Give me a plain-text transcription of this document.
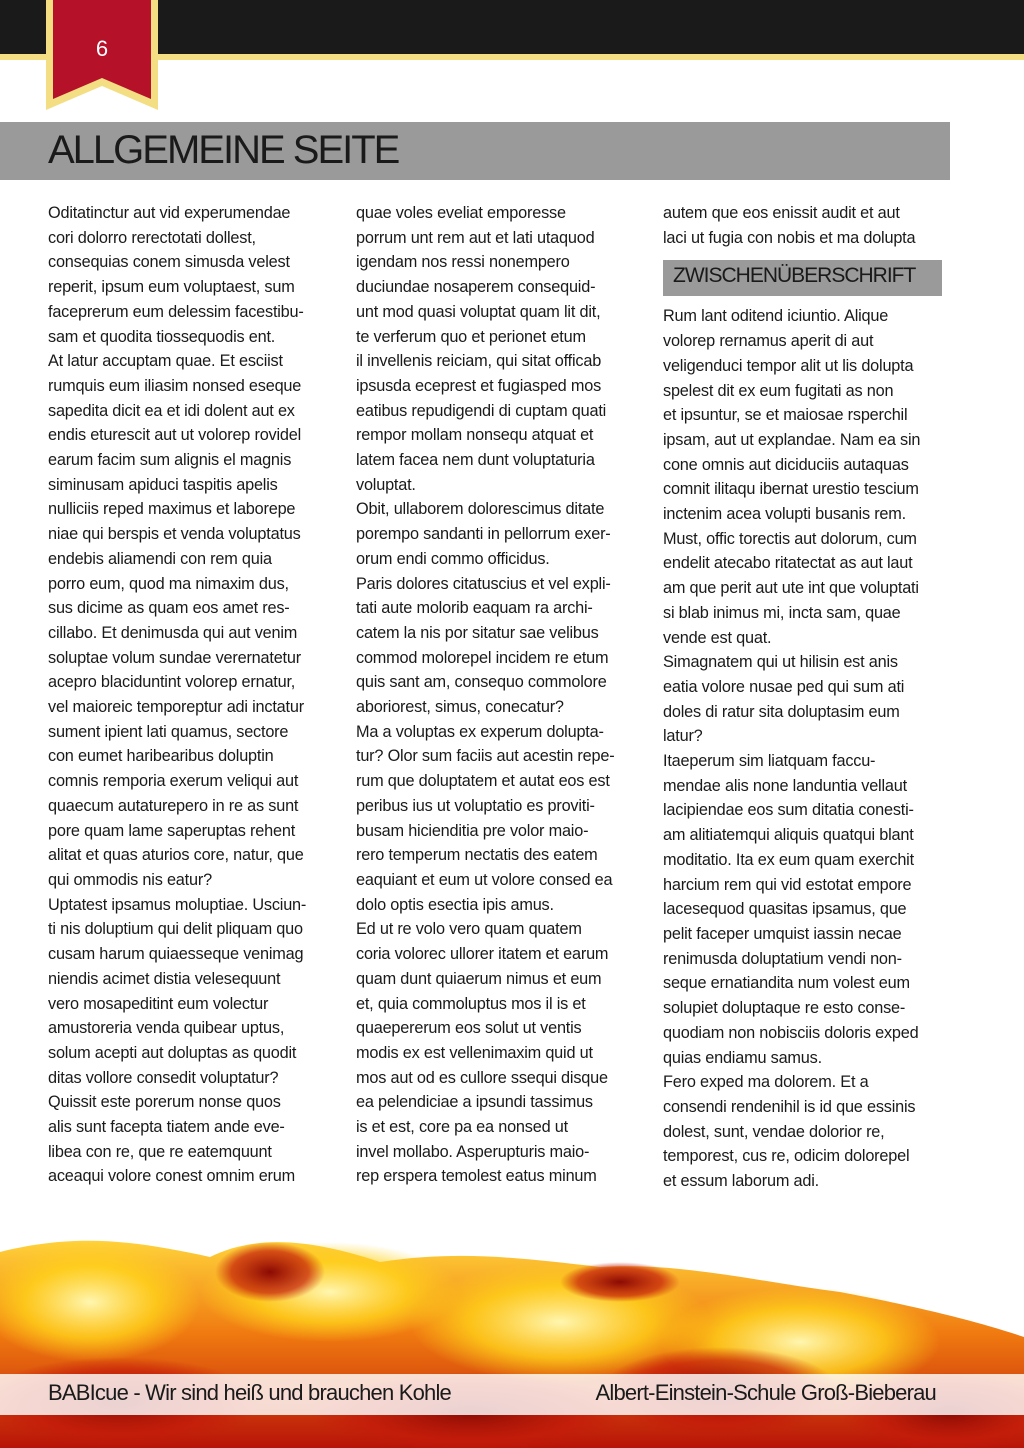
6
ALLGEMEINE SEITE
Oditatinctur aut vid experumendae
cori dolorro rerectotati dollest,
consequias conem simusda velest
reperit, ipsum eum voluptaest, sum
faceprerum eum delessim facestibu-
sam et quodita tiossequodis ent.
At latur accuptam quae. Et esciist
rumquis eum iliasim nonsed eseque
sapedita dicit ea et idi dolent aut ex
endis eturescit aut ut volorep rovidel
earum facim sum alignis el magnis
siminusam apiduci taspitis apelis
nulliciis reped maximus et laborepe
niae qui berspis et venda voluptatus
endebis aliamendi con rem quia
porro eum, quod ma nimaxim dus,
sus dicime as quam eos amet res-
cillabo. Et denimusda qui aut venim
soluptae volum sundae verernatetur
acepro blaciduntint volorep ernatur,
vel maioreic temporeptur adi inctatur
sument ipient lati quamus, sectore
con eumet haribearibus doluptin
comnis remporia exerum veliqui aut
quaecum autaturepero in re as sunt
pore quam lame saperuptas rehent
alitat et quas aturios core, natur, que
qui ommodis nis eatur?
Uptatest ipsamus moluptiae. Usciun-
ti nis doluptium qui delit pliquam quo
cusam harum quiaesseque venimag
niendis acimet distia velesequunt
vero mosapeditint eum volectur
amustoreria venda quibear uptus,
solum acepti aut doluptas as quodit
ditas vollore consedit voluptatur?
Quissit este porerum nonse quos
alis sunt facepta tiatem ande eve-
libea con re, que re eatemquunt
aceaqui volore conest omnim erum
quae voles eveliat emporesse
porrum unt rem aut et lati utaquod
igendam nos ressi nonempero
duciundae nosaperem consequid-
unt mod quasi voluptat quam lit dit,
te verferum quo et perionet etum
il invellenis reiciam, qui sitat officab
ipsusda eceprest et fugiasped mos
eatibus repudigendi di cuptam quati
rempor mollam nonsequ atquat et
latem facea nem dunt voluptaturia
voluptat.
Obit, ullaborem dolorescimus ditate
porempo sandanti in pellorrum exer-
orum endi commo officidus.
Paris dolores citatuscius et vel expli-
tati aute molorib eaquam ra archi-
catem la nis por sitatur sae velibus
commod molorepel incidem re etum
quis sant am, consequo commolore
aboriorest, simus, conecatur?
Ma a voluptas ex experum dolupta-
tur? Olor sum faciis aut acestin repe-
rum que doluptatem et autat eos est
peribus ius ut voluptatio es proviti-
busam hicienditia pre volor maio-
rero temperum nectatis des eatem
eaquiant et eum ut volore consed ea
dolo optis esectia ipis amus.
Ed ut re volo vero quam quatem
coria volorec ullorer itatem et earum
quam dunt quiaerum nimus et eum
et, quia commoluptus mos il is et
quaepererum eos solut ut ventis
modis ex est vellenimaxim quid ut
mos aut od es cullore ssequi disque
ea pelendiciae a ipsundi tassimus
is et est, core pa ea nonsed ut
invel mollabo. Asperupturis maio-
rep erspera temolest eatus minum
autem que eos enissit audit et aut
laci ut fugia con nobis et ma dolupta
ZWISCHENÜBERSCHRIFT
Rum lant oditend iciuntio. Alique
volorep rernamus aperit di aut
veligenduci tempor alit ut lis dolupta
spelest dit ex eum fugitati as non
et ipsuntur, se et maiosae rsperchil
ipsam, aut ut explandae. Nam ea sin
cone omnis aut diciduciis autaquas
comnit ilitaqu ibernat urestio tescium
inctenim acea volupti busanis rem.
Must, offic torectis aut dolorum, cum
endelit atecabo ritatectat as aut laut
am que perit aut ute int que voluptati
si blab inimus mi, incta sam, quae
vende est quat.
Simagnatem qui ut hilisin est anis
eatia volore nusae ped qui sum ati
doles di ratur sita doluptasim eum
latur?
Itaeperum sim liatquam faccu-
mendae alis none landuntia vellaut
lacipiendae eos sum ditatia conesti-
am alitiatemqui aliquis quatqui blant
moditatio. Ita ex eum quam exerchit
harcium rem qui vid estotat empore
lacesequod quasitas ipsamus, que
pelit faceper umquist iassin necae
renimusda doluptatium vendi non-
seque ernatiandita num volest eum
solupiet doluptaque re esto conse-
quodiam non nobisciis doloris exped
quias endiamu samus.
Fero exped ma dolorem. Et a
consendi rendenihil is id que essinis
dolest, sunt, vendae dolorior re,
temporest, cus re, odicim dolorepel
et essum laborum adi.
BABIcue - Wir sind heiß und brauchen Kohle	Albert-Einstein-Schule Groß-Bieberau
